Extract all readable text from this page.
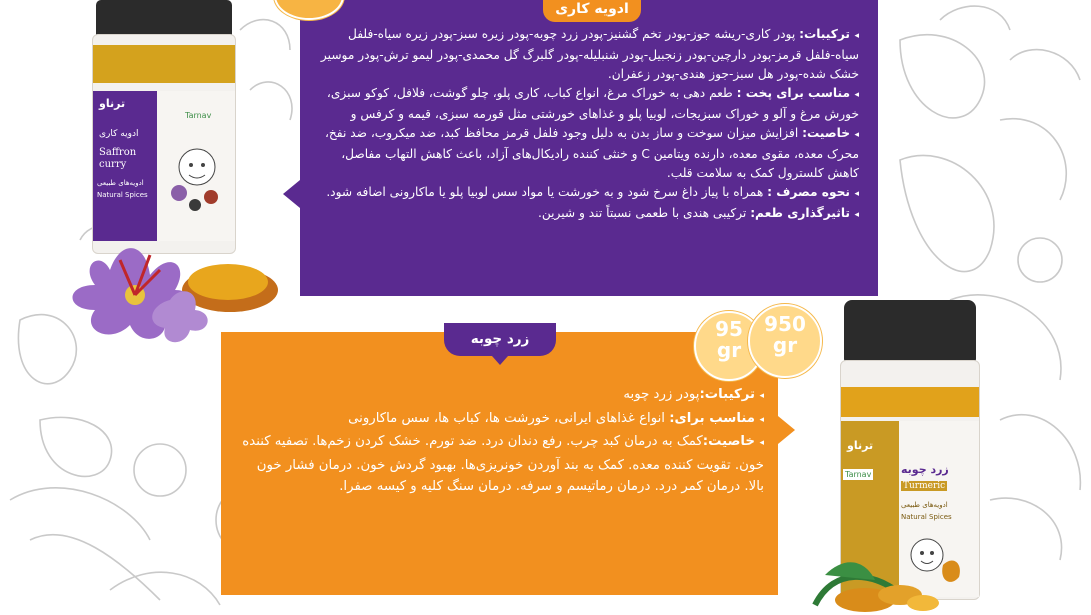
ادویه کاری
◂ترکیبات: پودر کاری-ریشه جوز-پودر تخم گشنیز-پودر زرد چوبه-پودر زیره سبز-پودر زیره سیاه-فلفل سیاه-فلفل قرمز-پودر دارچین-پودر زنجبیل-پودر شنبلیله-پودر گلبرگ گل محمدی-پودر لیمو ترش-پودر موسیر خشک شده-پودر هل سبز-جوز هندی-پودر زعفران.
◂مناسب برای پخت : طعم دهی به خوراک مرغ، انواع کباب، کاری پلو، چلو گوشت، فلافل، کوکو سبزی، خورش مرغ و آلو و خوراک سبزیجات، لوبیا پلو و غذاهای خورشتی مثل قورمه سبزی، قیمه و کرفس و
◂خاصیت: افزایش میزان سوخت و ساز بدن به دلیل وجود فلفل قرمز محافظ کبد، ضد میکروب، ضد نفخ، محرک معده، مقوی معده، دارنده ویتامین C و خنثی کننده رادیکال‌های آزاد، باعث کاهش التهاب مفاصل، کاهش کلسترول کمک به سلامت قلب.
◂نحوه مصرف : همراه با پیاز داغ سرخ شود و به خورشت یا مواد سس لوبیا پلو یا ماکارونی اضافه شود.
◂تاثیرگذاری طعم: ترکیبی هندی با طعمی نسبتاً تند و شیرین.
زرد چوبه
◂ترکیبات:پودر زرد چوبه
◂مناسب برای: انواع غذاهای ایرانی، خورشت ها، کباب ها، سس ماکارونی
◂خاصیت:کمک به درمان کبد چرب. رفع دندان درد. ضد تورم. خشک کردن زخم‌ها. تصفیه کننده خون. تقویت کننده معده. کمک به بند آوردن خونریزی‌ها. بهبود گردش خون. درمان فشار خون بالا. درمان کمر درد. درمان رماتیسم و سرفه. درمان سنگ کلیه و کیسه صفرا.
95
gr
950
gr
ترناو
Tarnav
ادویه کاری
Saffron
curry
ادویه‌های طبیعی
Natural Spices
ترناو
Tarnav	زرد چوبه
Turmeric
ادویه‌های طبیعی
Natural Spices
